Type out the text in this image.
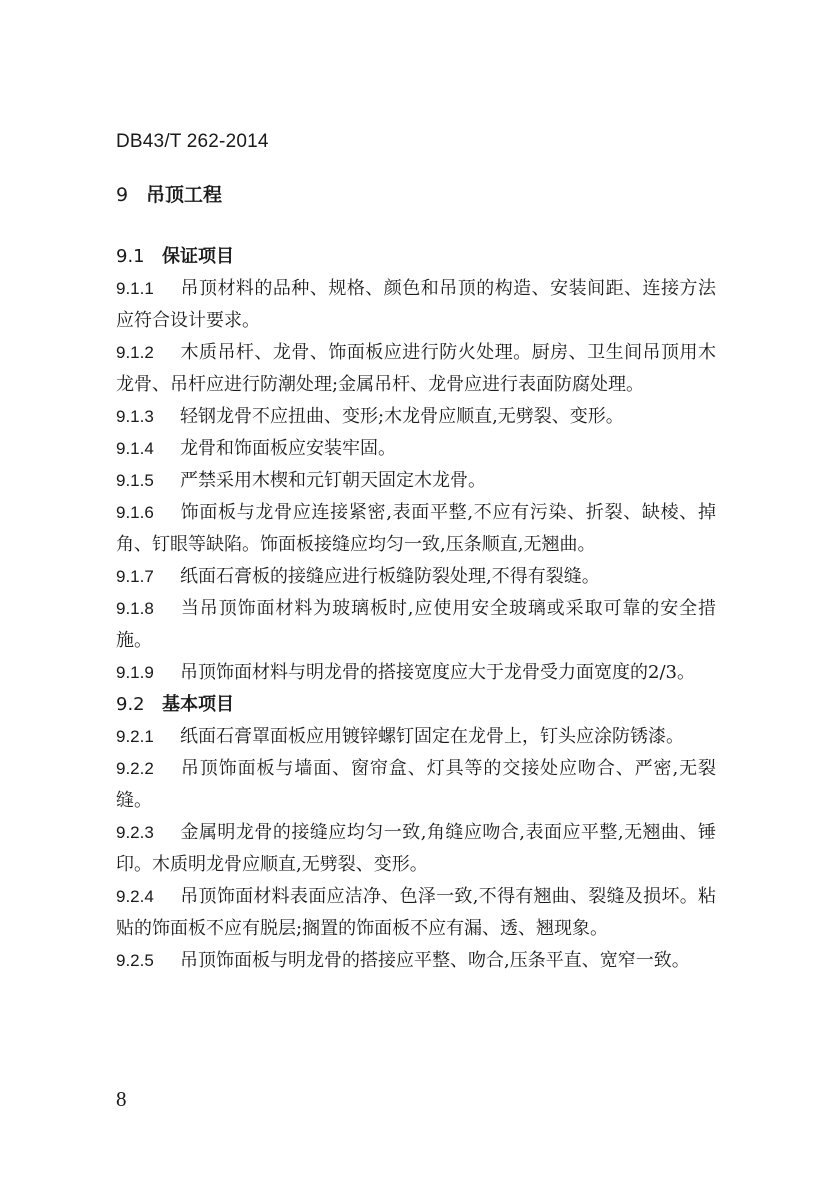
DB43/T 262-2014
9 吊顶工程
9.1 保证项目

9.1.1 吊顶材料的品种、规格、颜色和吊顶的构造、安装间距、连接方法应符合设计要求。

9.1.2 木质吊杆、龙骨、饰面板应进行防火处理。厨房、卫生间吊顶用木龙骨、吊杆应进行防潮处理;金属吊杆、龙骨应进行表面防腐处理。

9.1.3 轻钢龙骨不应扭曲、变形;木龙骨应顺直,无劈裂、变形。

9.1.4 龙骨和饰面板应安装牢固。

9.1.5 严禁采用木楔和元钉朝天固定木龙骨。

9.1.6 饰面板与龙骨应连接紧密,表面平整,不应有污染、折裂、缺棱、掉角、钉眼等缺陷。饰面板接缝应均匀一致,压条顺直,无翘曲。

9.1.7 纸面石膏板的接缝应进行板缝防裂处理,不得有裂缝。

9.1.8 当吊顶饰面材料为玻璃板时,应使用安全玻璃或采取可靠的安全措施。

9.1.9 吊顶饰面材料与明龙骨的搭接宽度应大于龙骨受力面宽度的2/3。

9.2 基本项目

9.2.1 纸面石膏罩面板应用镀锌螺钉固定在龙骨上，钉头应涂防锈漆。

9.2.2 吊顶饰面板与墙面、窗帘盒、灯具等的交接处应吻合、严密,无裂缝。

9.2.3 金属明龙骨的接缝应均匀一致,角缝应吻合,表面应平整,无翘曲、锤印。木质明龙骨应顺直,无劈裂、变形。

9.2.4 吊顶饰面材料表面应洁净、色泽一致,不得有翘曲、裂缝及损坏。粘贴的饰面板不应有脱层;搁置的饰面板不应有漏、透、翘现象。

9.2.5 吊顶饰面板与明龙骨的搭接应平整、吻合,压条平直、宽窄一致。

8
